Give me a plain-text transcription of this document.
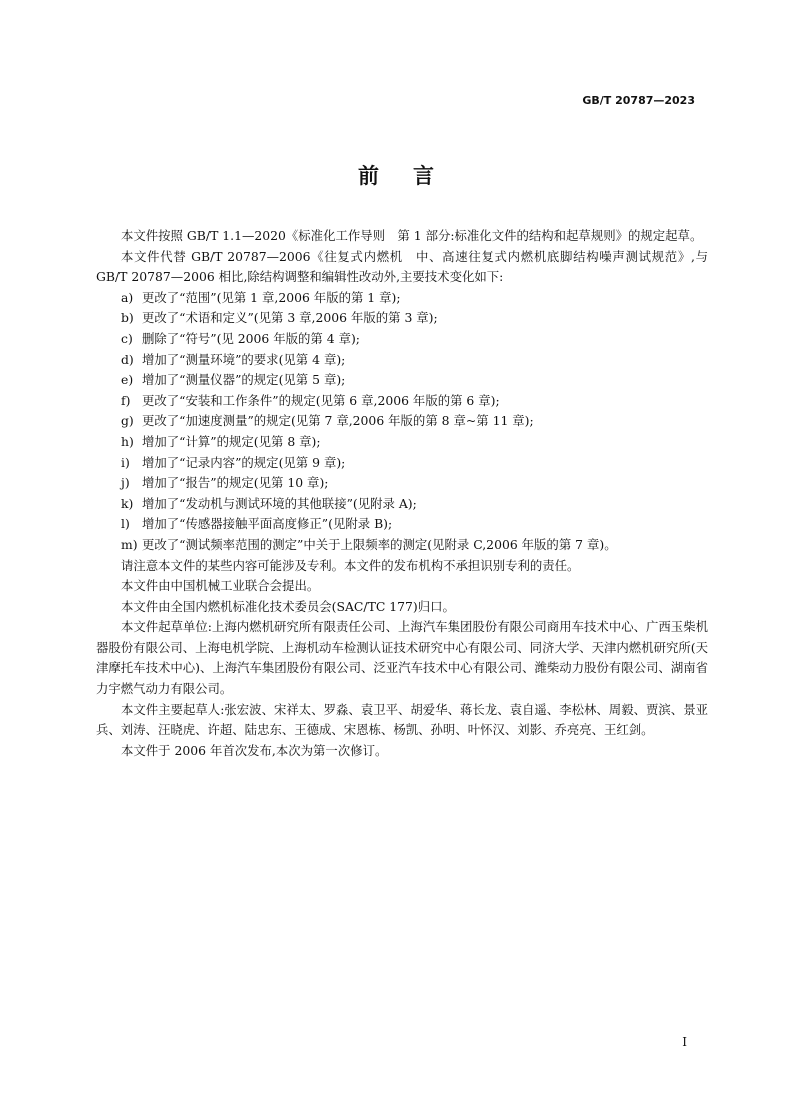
GB/T 20787—2023
前言

本文件按照 GB/T 1.1—2020《标准化工作导则　第 1 部分:标准化文件的结构和起草规则》的规定起草。

本文件代替 GB/T 20787—2006《往复式内燃机　中、高速往复式内燃机底脚结构噪声测试规范》,与 GB/T 20787—2006 相比,除结构调整和编辑性改动外,主要技术变化如下:

a) 更改了“范围”(见第 1 章,2006 年版的第 1 章);

b) 更改了“术语和定义”(见第 3 章,2006 年版的第 3 章);

c) 删除了“符号”(见 2006 年版的第 4 章);

d) 增加了“测量环境”的要求(见第 4 章);

e) 增加了“测量仪器”的规定(见第 5 章);

f) 更改了“安装和工作条件”的规定(见第 6 章,2006 年版的第 6 章);

g) 更改了“加速度测量”的规定(见第 7 章,2006 年版的第 8 章~第 11 章);

h) 增加了“计算”的规定(见第 8 章);

i) 增加了“记录内容”的规定(见第 9 章);

j) 增加了“报告”的规定(见第 10 章);

k) 增加了“发动机与测试环境的其他联接”(见附录 A);

l) 增加了“传感器接触平面高度修正”(见附录 B);

m) 更改了“测试频率范围的测定”中关于上限频率的测定(见附录 C,2006 年版的第 7 章)。

请注意本文件的某些内容可能涉及专利。本文件的发布机构不承担识别专利的责任。

本文件由中国机械工业联合会提出。

本文件由全国内燃机标准化技术委员会(SAC/TC 177)归口。

本文件起草单位:上海内燃机研究所有限责任公司、上海汽车集团股份有限公司商用车技术中心、广西玉柴机器股份有限公司、上海电机学院、上海机动车检测认证技术研究中心有限公司、同济大学、天津内燃机研究所(天津摩托车技术中心)、上海汽车集团股份有限公司、泛亚汽车技术中心有限公司、潍柴动力股份有限公司、湖南省力宇燃气动力有限公司。

本文件主要起草人:张宏波、宋祥太、罗淼、袁卫平、胡爱华、蒋长龙、袁自遥、李松林、周毅、贾滨、景亚兵、刘涛、汪晓虎、许超、陆忠东、王德成、宋恩栋、杨凯、孙明、叶怀汉、刘影、乔亮亮、王红剑。

本文件于 2006 年首次发布,本次为第一次修订。

I
